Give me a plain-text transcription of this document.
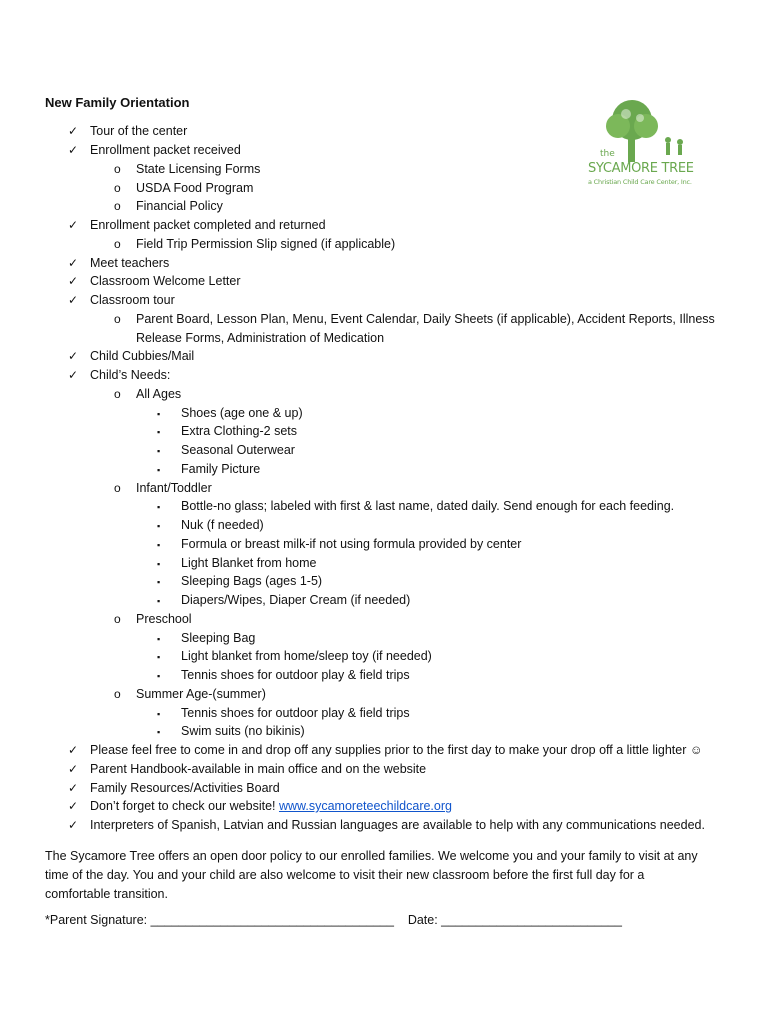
New Family Orientation
the
SYCAMORE TREE
a Christian Child Care Center, Inc.
✓ Tour of the center
✓ Enrollment packet received
o State Licensing Forms
o USDA Food Program
o Financial Policy
✓ Enrollment packet completed and returned
o Field Trip Permission Slip signed (if applicable)
✓ Meet teachers
✓ Classroom Welcome Letter
✓ Classroom tour
o Parent Board, Lesson Plan, Menu, Event Calendar, Daily Sheets (if applicable), Accident Reports, Illness
Release Forms, Administration of Medication
✓ Child Cubbies/Mail
✓ Child’s Needs:
o All Ages
▪ Shoes (age one & up)
▪ Extra Clothing-2 sets
▪ Seasonal Outerwear
▪ Family Picture
o Infant/Toddler
▪ Bottle-no glass; labeled with first & last name, dated daily. Send enough for each feeding.
▪ Nuk (f needed)
▪ Formula or breast milk-if not using formula provided by center
▪ Light Blanket from home
▪ Sleeping Bags (ages 1-5)
▪ Diapers/Wipes, Diaper Cream (if needed)
o Preschool
▪ Sleeping Bag
▪ Light blanket from home/sleep toy (if needed)
▪ Tennis shoes for outdoor play & field trips
o Summer Age-(summer)
▪ Tennis shoes for outdoor play & field trips
▪ Swim suits (no bikinis)
✓ Please feel free to come in and drop off any supplies prior to the first day to make your drop off a little lighter ☺
✓ Parent Handbook-available in main office and on the website
✓ Family Resources/Activities Board
✓ Don’t forget to check our website! www.sycamoreteechildcare.org
✓ Interpreters of Spanish, Latvian and Russian languages are available to help with any communications needed.
The Sycamore Tree offers an open door policy to our enrolled families. We welcome you and your family to visit at any
time of the day. You and your child are also welcome to visit their new classroom before the first full day for a
comfortable transition.
*Parent Signature: ___________________________________    Date: __________________________
